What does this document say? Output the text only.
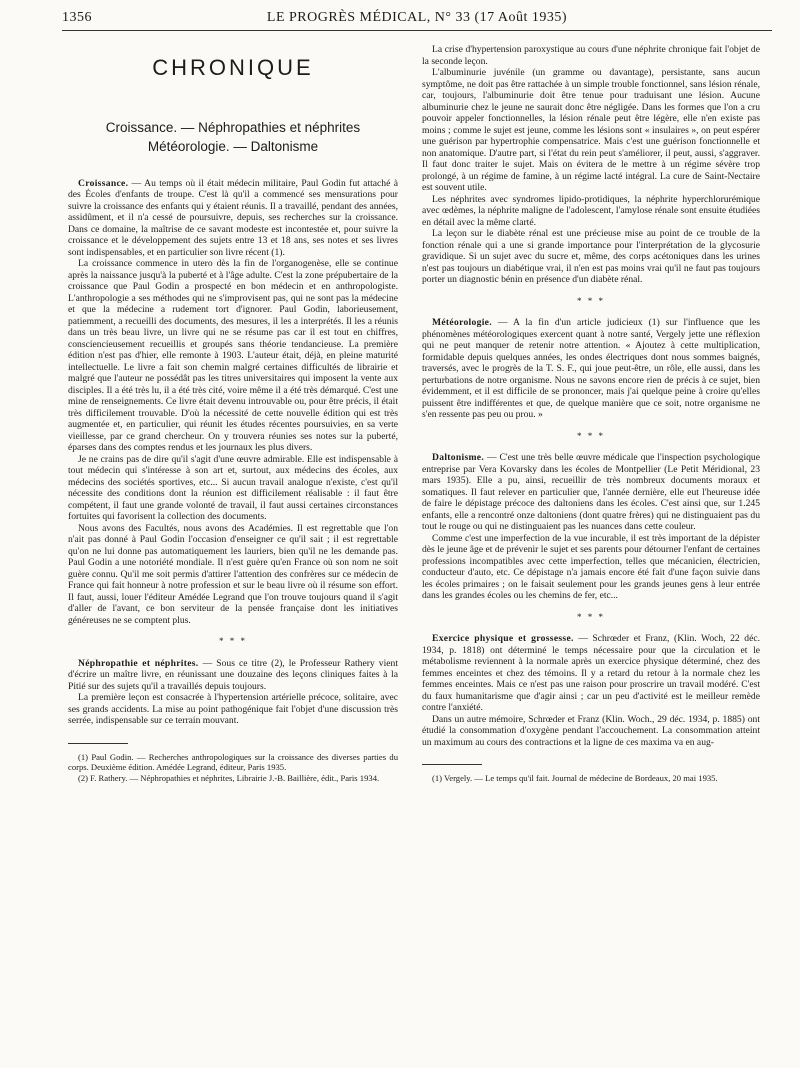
1356	LE PROGRÈS MÉDICAL, N° 33 (17 Août 1935)
CHRONIQUE
Croissance. — Néphropathies et néphrites
Météorologie. — Daltonisme

Croissance. — Au temps où il était médecin militaire, Paul Godin fut attaché à des Écoles d'enfants de troupe. C'est là qu'il a commencé ses mensurations pour suivre la croissance des enfants qui y étaient réunis. Il a travaillé, pendant des années, assidûment, et il n'a cessé de poursuivre, depuis, ses recherches sur la croissance. Dans ce domaine, la maîtrise de ce savant modeste est incontestée et, pour suivre la croissance et le développement des sujets entre 13 et 18 ans, ses notes et ses livres sont indispensables, et en particulier son livre récent (1).

La croissance commence in utero dès la fin de l'organogenèse, elle se continue après la naissance jusqu'à la puberté et à l'âge adulte. C'est la zone prépubertaire de la croissance que Paul Godin a prospecté en bon médecin et en anthropologiste. L'anthropologie a ses méthodes qui ne s'improvisent pas, qui ne sont pas la médecine et que la médecine a rudement tort d'ignorer. Paul Godin, laborieusement, patiemment, a recueilli des documents, des mesures, il les a interprétés. Il les a réunis dans un très beau livre, un livre qui ne se résume pas car il est tout en chiffres, consciencieusement recueillis et groupés sans théorie tendancieuse. La première édition n'est pas d'hier, elle remonte à 1903. L'auteur était, déjà, en pleine maturité intellectuelle. Le livre a fait son chemin malgré certaines difficultés de librairie et malgré que l'auteur ne possédât pas les titres universitaires qui imposent la vente aux disciples. Il a été très lu, il a été très cité, voire même il a été très démarqué. C'est une mine de renseignements. Ce livre était devenu introuvable ou, pour être précis, il était très difficilement trouvable. D'où la nécessité de cette nouvelle édition qui est très augmentée et, en particulier, qui réunit les études récentes poursuivies, en sa verte vieillesse, par ce grand chercheur. On y trouvera réunies ses notes sur la puberté, éparses dans des comptes rendus et les journaux les plus divers.

Je ne crains pas de dire qu'il s'agit d'une œuvre admirable. Elle est indispensable à tout médecin qui s'intéresse à son art et, surtout, aux médecins des écoles, aux médecins des sociétés sportives, etc... Si aucun travail analogue n'existe, c'est qu'il nécessite des conditions dont la réunion est difficilement réalisable : il faut être compétent, il faut une grande volonté de travail, il faut aussi certaines circonstances fortuites qui favorisent la collection des documents.

Nous avons des Facultés, nous avons des Académies. Il est regrettable que l'on n'ait pas donné à Paul Godin l'occasion d'enseigner ce qu'il sait ; il est regrettable qu'on ne lui donne pas automatiquement les lauriers, bien qu'il ne les demande pas. Paul Godin a une notoriété mondiale. Il n'est guère qu'en France où son nom ne soit guère connu. Qu'il me soit permis d'attirer l'attention des confrères sur ce médecin de France qui fait honneur à notre profession et sur le beau livre où il résume son effort. Il faut, aussi, louer l'éditeur Amédée Legrand que l'on trouve toujours quand il s'agit d'aller de l'avant, ce bon serviteur de la pensée française dont les initiatives généreuses ne se comptent plus.

* * *

Néphropathie et néphrites. — Sous ce titre (2), le Professeur Rathery vient d'écrire un maître livre, en réunissant une douzaine des leçons cliniques faites à la Pitié sur des sujets qu'il a travaillés depuis toujours.

La première leçon est consacrée à l'hypertension artérielle précoce, solitaire, avec ses grands accidents. La mise au point pathogénique fait l'objet d'une discussion très serrée, indispensable sur ce terrain mouvant.

(1) Paul Godin. — Recherches anthropologiques sur la croissance des diverses parties du corps. Deuxième édition. Amédée Legrand, éditeur, Paris 1935.

(2) F. Rathery. — Néphropathies et néphrites, Librairie J.-B. Baillière, édit., Paris 1934.

La crise d'hypertension paroxystique au cours d'une néphrite chronique fait l'objet de la seconde leçon.

L'albuminurie juvénile (un gramme ou davantage), persistante, sans aucun symptôme, ne doit pas être rattachée à un simple trouble fonctionnel, sans lésion rénale, car, toujours, l'albuminurie doit être tenue pour traduisant une lésion. Aucune albuminurie chez le jeune ne saurait donc être négligée. Dans les formes que l'on a cru pouvoir appeler fonctionnelles, la lésion rénale peut être légère, elle n'en existe pas moins ; comme le sujet est jeune, comme les lésions sont « insulaires », on peut espérer une guérison par hypertrophie compensatrice. Mais c'est une guérison fonctionnelle et non anatomique. D'autre part, si l'état du rein peut s'améliorer, il peut, aussi, s'aggraver. Il faut donc traiter le sujet. Mais on évitera de le mettre à un régime sévère trop prolongé, à un régime de famine, à un régime lacté intégral. La cure de Saint-Nectaire est souvent utile.

Les néphrites avec syndromes lipido-protidiques, la néphrite hyperchlorurémique avec œdèmes, la néphrite maligne de l'adolescent, l'amylose rénale sont ensuite étudiées en détail avec la même clarté.

La leçon sur le diabète rénal est une précieuse mise au point de ce trouble de la fonction rénale qui a une si grande importance pour l'interprétation de la glycosurie gravidique. Si un sujet avec du sucre et, même, des corps acétoniques dans les urines n'est pas toujours un diabétique vrai, il n'en est pas moins vrai qu'il ne faut pas toujours porter un diagnostic bénin en présence d'un diabète rénal.

* * *

Météorologie. — A la fin d'un article judicieux (1) sur l'influence que les phénomènes météorologiques exercent quant à notre santé, Vergely jette une réflexion qui ne peut manquer de retenir notre attention. « Ajoutez à cette multiplication, formidable depuis quelques années, les ondes électriques dont nous sommes baignés, traversés, avec le progrès de la T. S. F., qui joue peut-être, un rôle, elle aussi, dans les perturbations de notre organisme. Nous ne savons encore rien de précis à ce sujet, bien évidemment, et il est difficile de se prononcer, mais j'ai quelque peine à croire qu'elles puissent être indifférentes et que, de quelque manière que ce soit, notre organisme ne s'en ressente pas peu ou prou. »

* * *

Daltonisme. — C'est une très belle œuvre médicale que l'inspection psychologique entreprise par Vera Kovarsky dans les écoles de Montpellier (Le Petit Méridional, 23 mars 1935). Elle a pu, ainsi, recueillir de très nombreux documents moraux et somatiques. Il faut relever en particulier que, l'année dernière, elle eut l'heureuse idée de faire le dépistage précoce des daltoniens dans les écoles. C'est ainsi que, sur 1.245 enfants, elle a rencontré onze daltoniens (dont quatre frères) qui ne distinguaient pas du tout le rouge ou qui ne distinguaient pas les nuances dans cette couleur.

Comme c'est une imperfection de la vue incurable, il est très important de la dépister dès le jeune âge et de prévenir le sujet et ses parents pour détourner l'enfant de certaines professions incompatibles avec cette imperfection, telles que mécanicien, électricien, conducteur d'auto, etc. Ce dépistage n'a jamais encore été fait d'une façon suivie dans les écoles primaires ; on le faisait seulement pour les grands jeunes gens à leur entrée dans les grandes écoles ou les chemins de fer, etc...

* * *

Exercice physique et grossesse. — Schrœder et Franz, (Klin. Woch, 22 déc. 1934, p. 1818) ont déterminé le temps nécessaire pour que la circulation et le métabolisme reviennent à la normale après un exercice physique déterminé, chez des femmes enceintes et chez des témoins. Il y a retard du retour à la normale chez les femmes enceintes. Mais ce n'est pas une raison pour proscrire un travail modéré. C'est du faux humanitarisme que d'agir ainsi ; car un peu d'activité est le meilleur remède contre l'anxiété.

Dans un autre mémoire, Schrœder et Franz (Klin. Woch., 29 déc. 1934, p. 1885) ont étudié la consommation d'oxygène pendant l'accouchement. La consommation atteint un maximum au cours des contractions et la ligne de ces maxima va en aug-

(1) Vergely. — Le temps qu'il fait. Journal de médecine de Bordeaux, 20 mai 1935.
